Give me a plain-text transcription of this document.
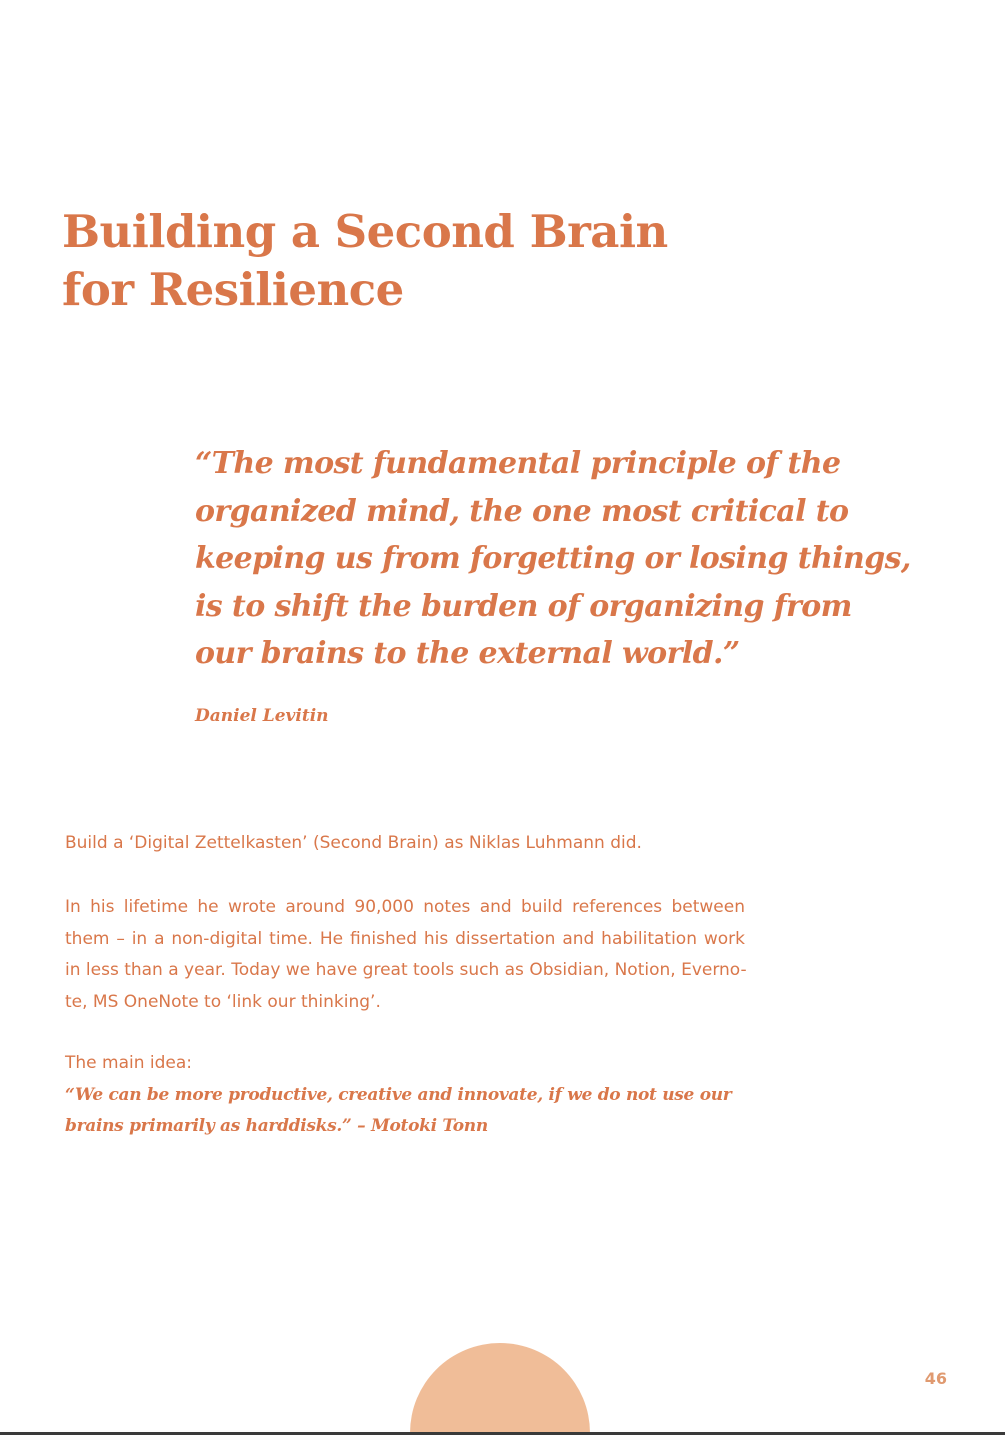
Building a Second Brain
for Resilience
“The most fundamental principle of the
organized mind, the one most critical to
keeping us from forgetting or losing things,
is to shift the burden of organizing from
our brains to the external world.”

Daniel Levitin

Build a ‘Digital Zettelkasten’ (Second Brain) as Niklas Luhmann did.

In his lifetime he wrote around 90,000 notes and build references between
them – in a non-digital time. He finished his dissertation and habilitation work
in less than a year. Today we have great tools such as Obsidian, Notion, Everno-
te, MS OneNote to ‘link our thinking’.

The main idea:
“We can be more productive, creative and innovate, if we do not use our
brains primarily as harddisks.” – Motoki Tonn

46
